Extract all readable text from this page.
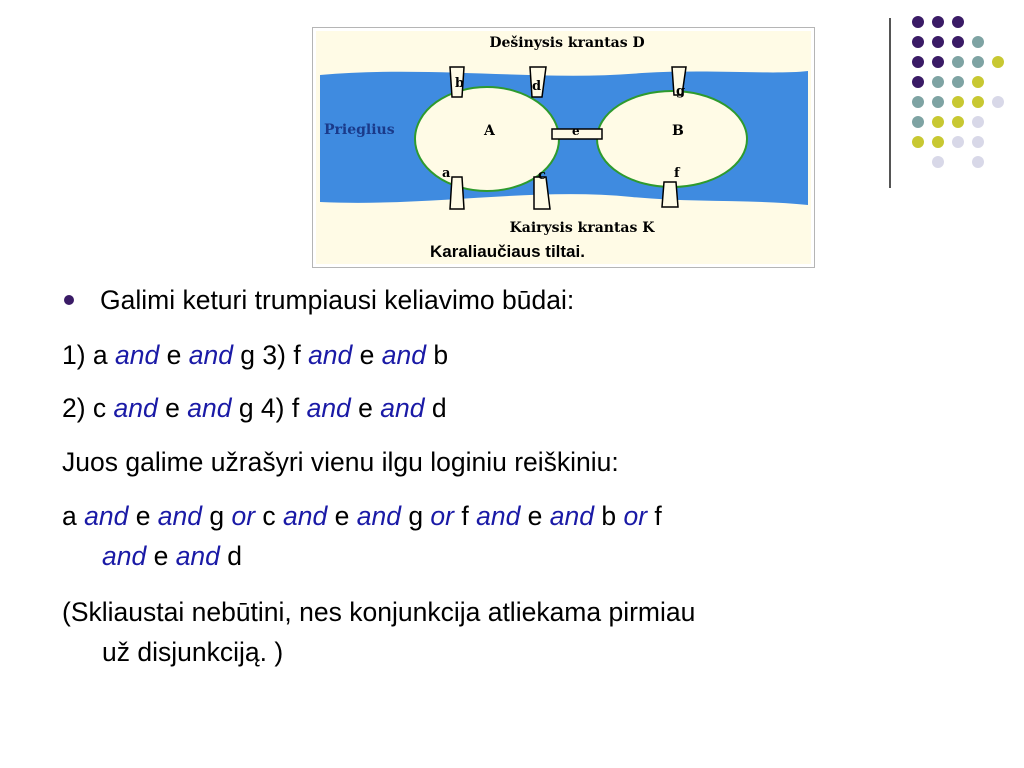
Dešinysis krantas D
Kairysis krantas K
Prieglius	A	B
a
b
c
d
e
f
g
Karaliaučiaus tiltai.
Galimi keturi trumpiausi keliavimo būdai:
1) a and e and g 3) f and e and b
2) c and e and g 4) f and e and d
Juos galime užrašyri vienu ilgu loginiu reiškiniu:
a and e and g or c and e and g or f and e and b or f
and e and d
(Skliaustai nebūtini, nes konjunkcija atliekama pirmiau
už disjunkciją. )
